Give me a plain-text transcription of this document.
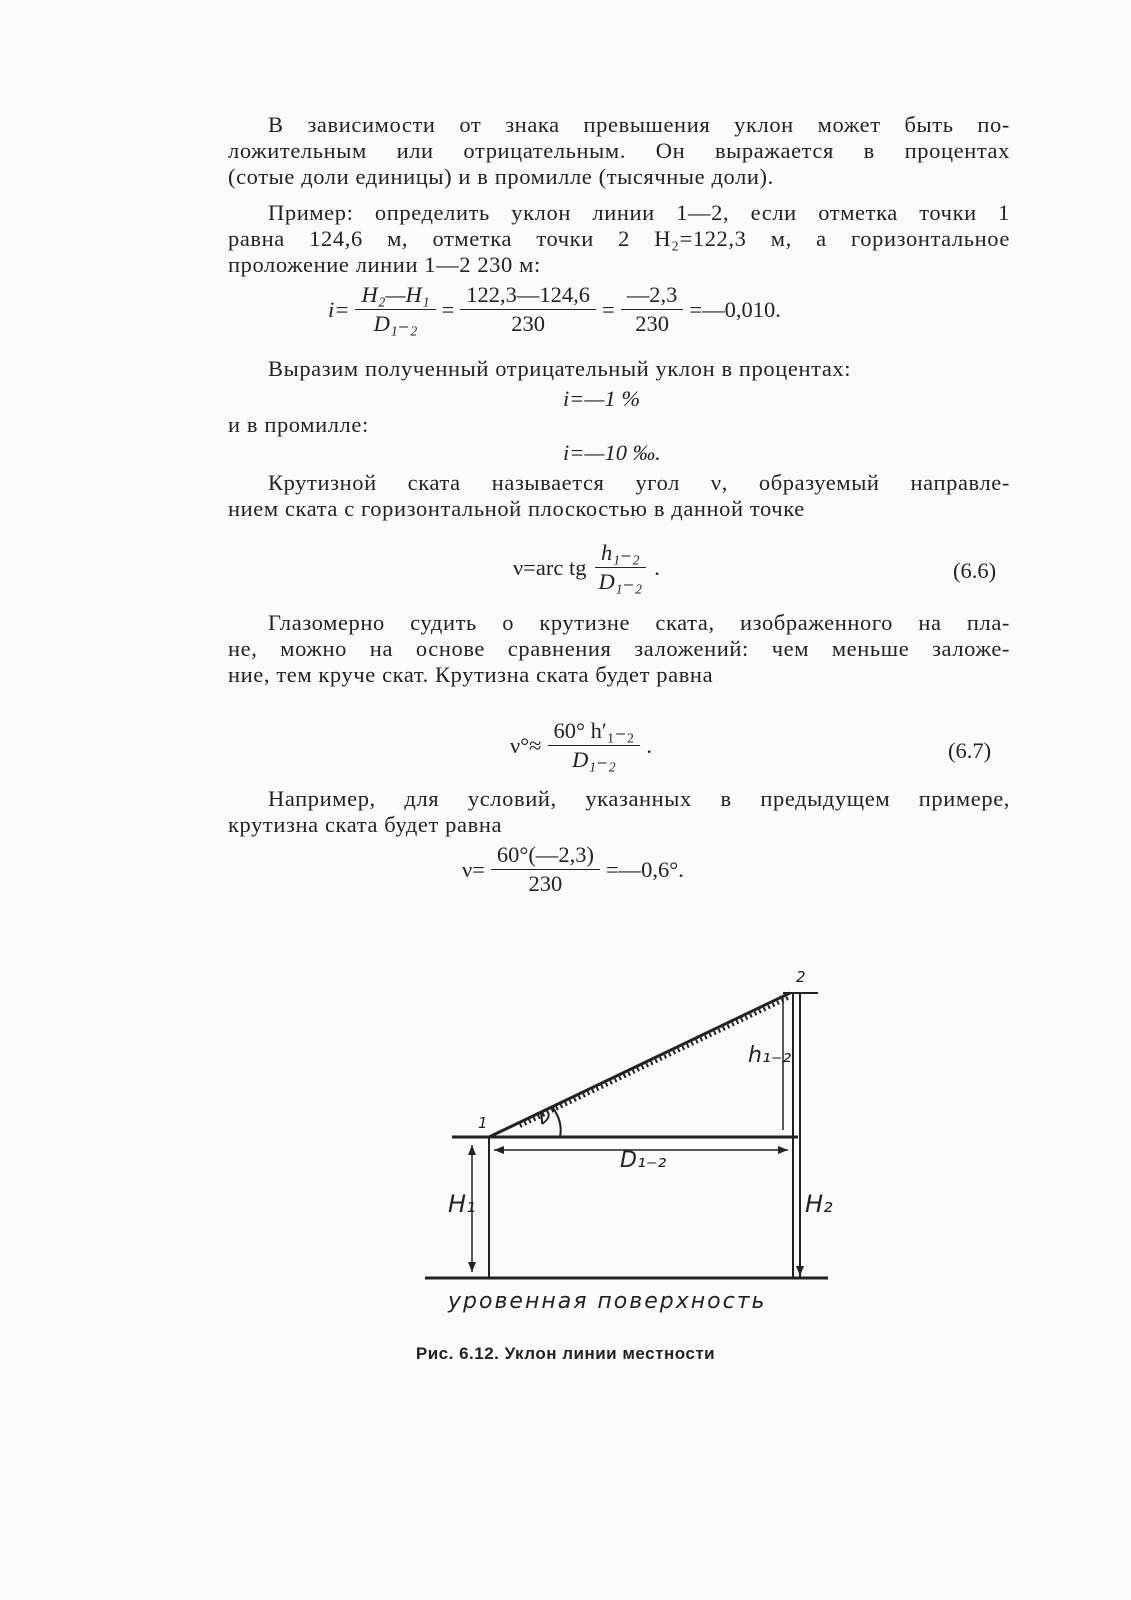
В зависимости от знака превышения уклон может быть по-
ложительным или отрицательным. Он выражается в процентах
(сотые доли единицы) и в промилле (тысячные доли).
Пример: определить уклон линии 1—2, если отметка точки 1
равна 124,6 м, отметка точки 2 H₂=122,3 м, а горизонтальное
проложение линии 1—2 230 м:
$i= \frac{\text{H₂—H₁}}{\text{D₁₋₂}} = \frac{122,3—124,6}{230} = \frac{—2,3}{230}$ =—0,010.
Выразим полученный отрицательный уклон в процентах:
i=—1 %
и в промилле:
i=—10 ‰.
Крутизной ската называется угол ν, образуемый направле-
нием ската с горизонтальной плоскостью в данной точке
ν=arc tg $\frac{\text{h₁₋₂}}{\text{D₁₋₂}}$ .	(6.6)
Глазомерно судить о крутизне ската, изображенного на пла-
не, можно на основе сравнения заложений: чем меньше заложе-
ние, тем круче скат. Крутизна ската будет равна
$\nu^\circ\approx \frac{\text{60° h′₁₋₂}}{\text{D₁₋₂}}$ .	(6.7)
Например, для условий, указанных в предыдущем примере,
крутизна ската будет равна
$\nu= \frac{60^\circ(—2,3)}{230}$ =—0,6°.
1
2
ν
h₁₋₂
D₁₋₂
H₁	H₂
уровенная поверхность
Рис. 6.12. Уклон линии местности
